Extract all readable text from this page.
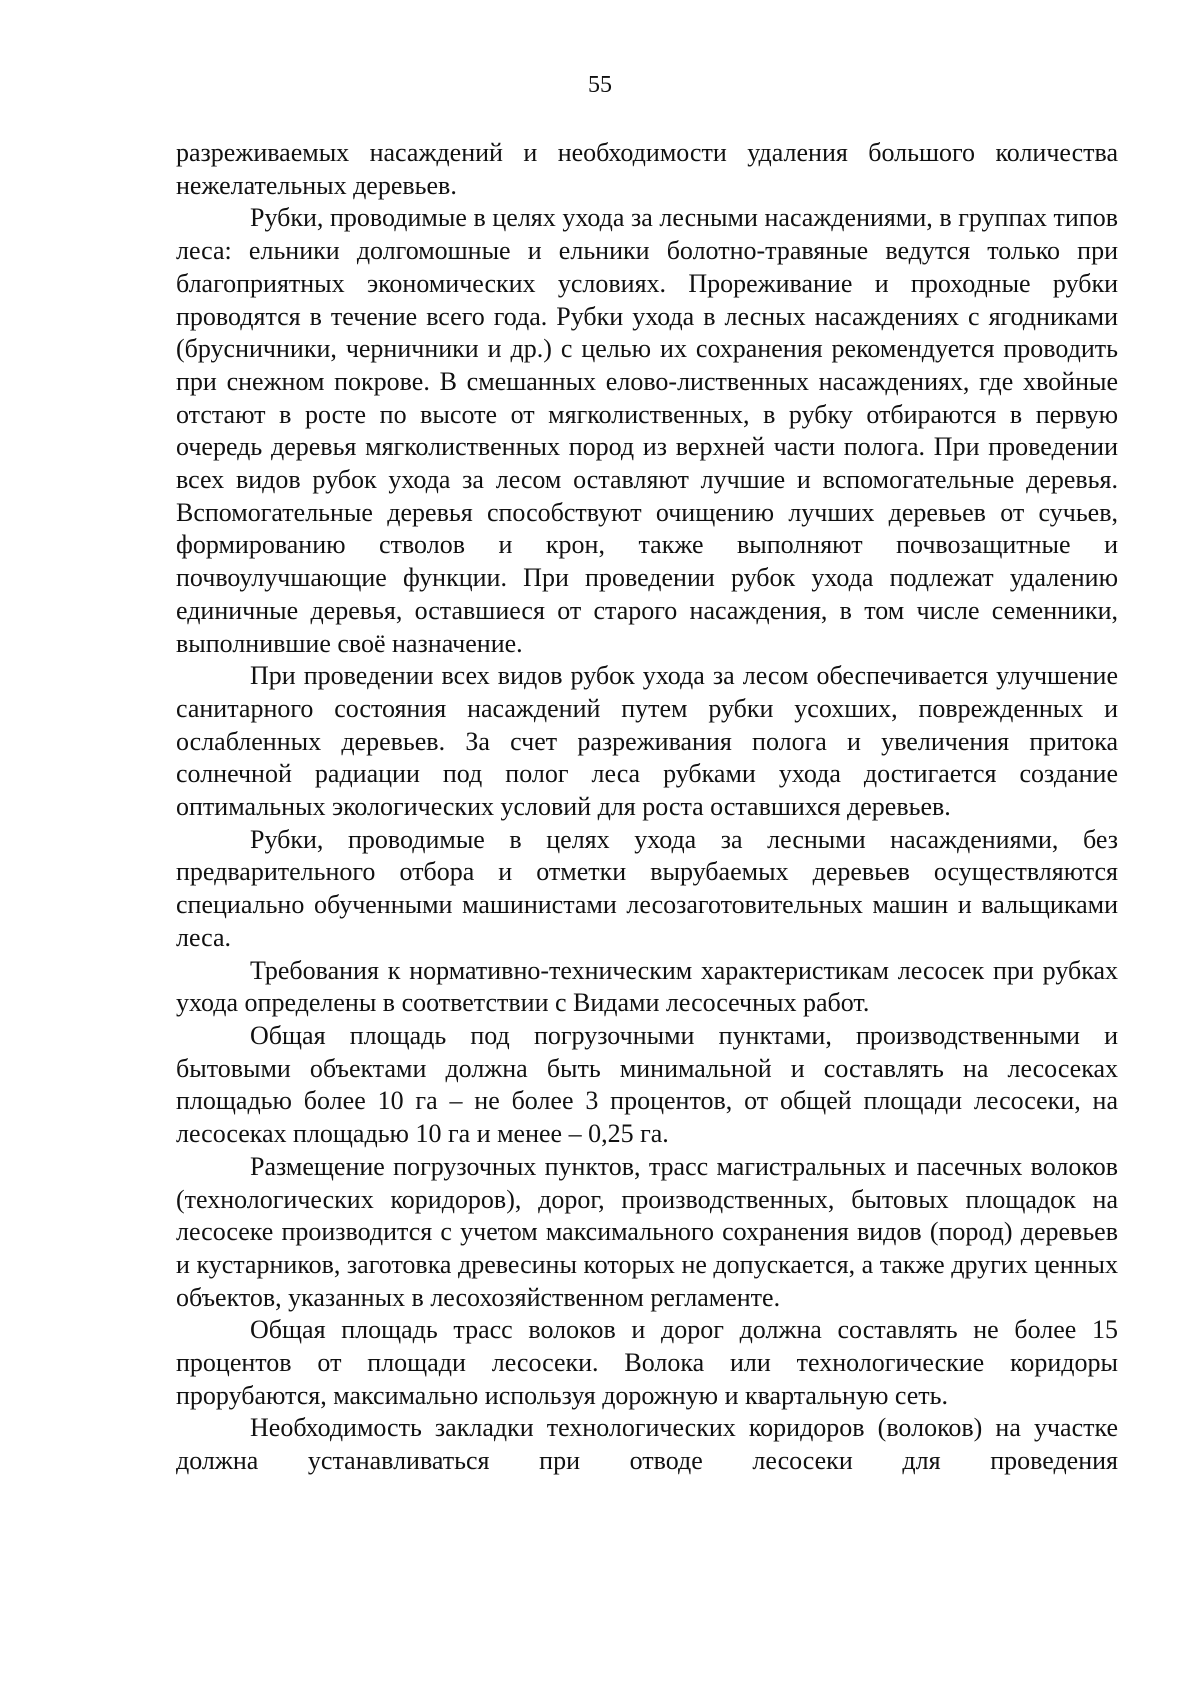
55

разреживаемых насаждений и необходимости удаления большого количества нежелательных деревьев.

Рубки, проводимые в целях ухода за лесными насаждениями, в группах типов леса: ельники долгомошные и ельники болотно-травяные ведутся только при благоприятных экономических условиях. Прореживание и проходные рубки проводятся в течение всего года. Рубки ухода в лесных насаждениях с ягодниками (брусничники, черничники и др.) с целью их сохранения рекомендуется проводить при снежном покрове. В смешанных елово-лиственных насаждениях, где хвойные отстают в росте по высоте от мягколиственных, в рубку отбираются в первую очередь деревья мягколиственных пород из верхней части полога. При проведении всех видов рубок ухода за лесом оставляют лучшие и вспомогательные деревья. Вспомогательные деревья способствуют очищению лучших деревьев от сучьев, формированию стволов и крон, также выполняют почвозащитные и почвоулучшающие функции. При проведении рубок ухода подлежат удалению единичные деревья, оставшиеся от старого насаждения, в том числе семенники, выполнившие своё назначение.

При проведении всех видов рубок ухода за лесом обеспечивается улучшение санитарного состояния насаждений путем рубки усохших, поврежденных и ослабленных деревьев. За счет разреживания полога и увеличения притока солнечной радиации под полог леса рубками ухода достигается создание оптимальных экологических условий для роста оставшихся деревьев.

Рубки, проводимые в целях ухода за лесными насаждениями, без предварительного отбора и отметки вырубаемых деревьев осуществляются специально обученными машинистами лесозаготовительных машин и вальщиками леса.

Требования к нормативно-техническим характеристикам лесосек при рубках ухода определены в соответствии с Видами лесосечных работ.

Общая площадь под погрузочными пунктами, производственными и бытовыми объектами должна быть минимальной и составлять на лесосеках площадью более 10 га – не более 3 процентов, от общей площади лесосеки, на лесосеках площадью 10 га и менее – 0,25 га.

Размещение погрузочных пунктов, трасс магистральных и пасечных волоков (технологических коридоров), дорог, производственных, бытовых площадок на лесосеке производится с учетом максимального сохранения видов (пород) деревьев и кустарников, заготовка древесины которых не допускается, а также других ценных объектов, указанных в лесохозяйственном регламенте.

Общая площадь трасс волоков и дорог должна составлять не более 15 процентов от площади лесосеки. Волока или технологические коридоры прорубаются, максимально используя дорожную и квартальную сеть.

Необходимость закладки технологических коридоров (волоков) на участке должна устанавливаться при отводе лесосеки для проведения
